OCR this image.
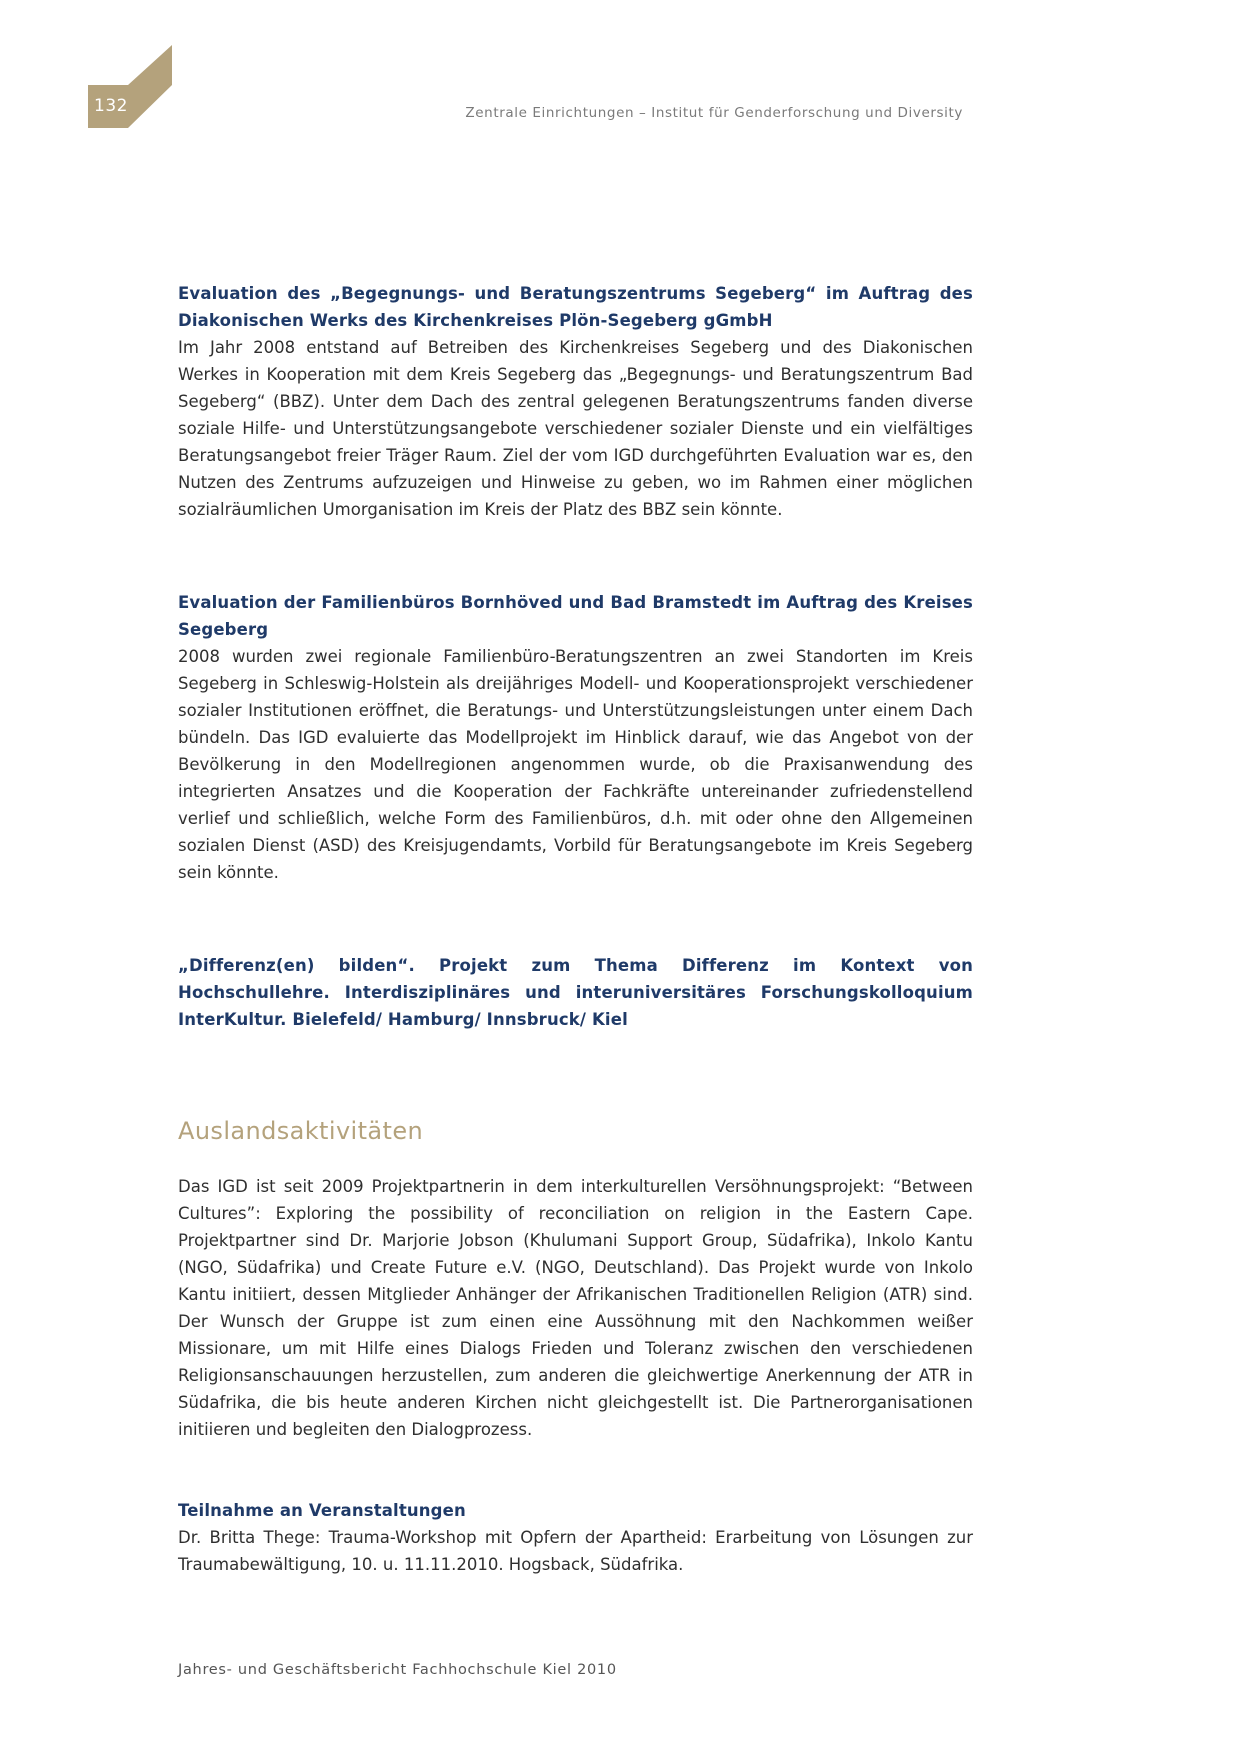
132	Zentrale Einrichtungen – Institut für Genderforschung und Diversity
Evaluation des „Begegnungs- und Beratungszentrums Segeberg“ im Auftrag des Diakonischen Werks des Kirchenkreises Plön-Segeberg gGmbH

Im Jahr 2008 entstand auf Betreiben des Kirchenkreises Segeberg und des Diakonischen Werkes in Kooperation mit dem Kreis Segeberg das „Begegnungs- und Beratungszentrum Bad Segeberg“ (BBZ). Unter dem Dach des zentral gelegenen Beratungszentrums fanden diverse soziale Hilfe- und Unterstützungsangebote verschiedener sozialer Dienste und ein vielfältiges Beratungsangebot freier Träger Raum. Ziel der vom IGD durchgeführten Evaluation war es, den Nutzen des Zentrums aufzuzeigen und Hinweise zu geben, wo im Rahmen einer möglichen sozialräumlichen Umorganisation im Kreis der Platz des BBZ sein könnte.

Evaluation der Familienbüros Bornhöved und Bad Bramstedt im Auftrag des Kreises Segeberg

2008 wurden zwei regionale Familienbüro-Beratungszentren an zwei Standorten im Kreis Segeberg in Schleswig-Holstein als dreijähriges Modell- und Kooperationsprojekt verschiedener sozialer Institutionen eröffnet, die Beratungs- und Unterstützungsleistungen unter einem Dach bündeln. Das IGD evaluierte das Modellprojekt im Hinblick darauf, wie das Angebot von der Bevölkerung in den Modellregionen angenommen wurde, ob die Praxisanwendung des integrierten Ansatzes und die Kooperation der Fachkräfte untereinander zufriedenstellend verlief und schließlich, welche Form des Familienbüros, d.h. mit oder ohne den Allgemeinen sozialen Dienst (ASD) des Kreisjugendamts, Vorbild für Beratungsangebote im Kreis Segeberg sein könnte.

„Differenz(en) bilden“. Projekt zum Thema Differenz im Kontext von Hochschullehre. Interdisziplinäres und interuniversitäres Forschungskolloquium InterKultur. Bielefeld/ Hamburg/ Innsbruck/ Kiel
Auslandsaktivitäten

Das IGD ist seit 2009 Projektpartnerin in dem interkulturellen Versöhnungsprojekt: “Between Cultures”: Exploring the possibility of reconciliation on religion in the Eastern Cape. Projektpartner sind Dr. Marjorie Jobson (Khulumani Support Group, Südafrika), Inkolo Kantu (NGO, Südafrika) und Create Future e.V. (NGO, Deutschland). Das Projekt wurde von Inkolo Kantu initiiert, dessen Mitglieder Anhänger der Afrikanischen Traditionellen Religion (ATR) sind. Der Wunsch der Gruppe ist zum einen eine Aussöhnung mit den Nachkommen weißer Missionare, um mit Hilfe eines Dialogs Frieden und Toleranz zwischen den verschiedenen Religionsanschauungen herzustellen, zum anderen die gleichwertige Anerkennung der ATR in Südafrika, die bis heute anderen Kirchen nicht gleichgestellt ist. Die Partnerorganisationen initiieren und begleiten den Dialogprozess.

Teilnahme an Veranstaltungen

Dr. Britta Thege: Trauma-Workshop mit Opfern der Apartheid: Erarbeitung von Lösungen zur Traumabewältigung, 10. u. 11.11.2010. Hogsback, Südafrika.

Jahres- und Geschäftsbericht Fachhochschule Kiel 2010
